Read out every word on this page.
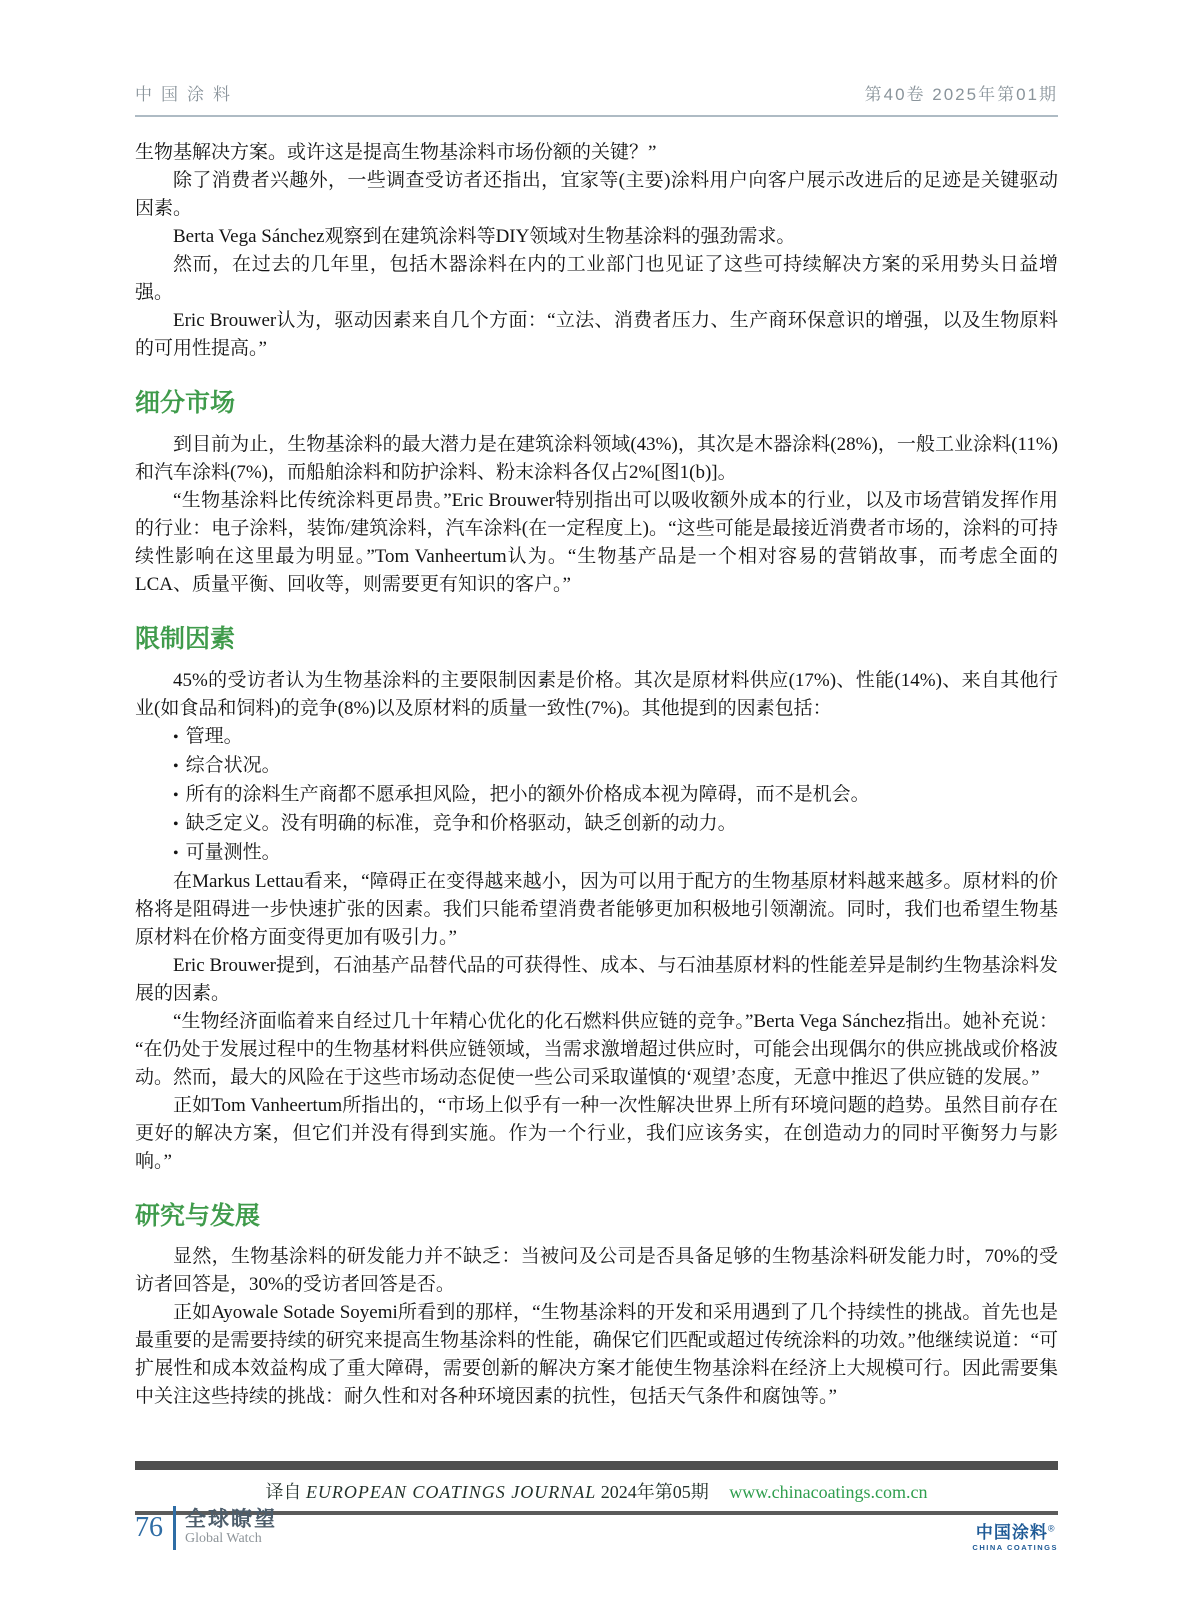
中国涂料	第40卷 2025年第01期

生物基解决方案。或许这是提高生物基涂料市场份额的关键？”

除了消费者兴趣外，一些调查受访者还指出，宜家等(主要)涂料用户向客户展示改进后的足迹是关键驱动因素。

Berta Vega Sánchez观察到在建筑涂料等DIY领域对生物基涂料的强劲需求。

然而，在过去的几年里，包括木器涂料在内的工业部门也见证了这些可持续解决方案的采用势头日益增强。

Eric Brouwer认为，驱动因素来自几个方面：“立法、消费者压力、生产商环保意识的增强，以及生物原料的可用性提高。”

细分市场

到目前为止，生物基涂料的最大潜力是在建筑涂料领域(43%)，其次是木器涂料(28%)，一般工业涂料(11%)和汽车涂料(7%)，而船舶涂料和防护涂料、粉末涂料各仅占2%[图1(b)]。

“生物基涂料比传统涂料更昂贵。”Eric Brouwer特别指出可以吸收额外成本的行业，以及市场营销发挥作用的行业：电子涂料，装饰/建筑涂料，汽车涂料(在一定程度上)。“这些可能是最接近消费者市场的，涂料的可持续性影响在这里最为明显。”Tom Vanheertum认为。“生物基产品是一个相对容易的营销故事，而考虑全面的LCA、质量平衡、回收等，则需要更有知识的客户。”

限制因素

45%的受访者认为生物基涂料的主要限制因素是价格。其次是原材料供应(17%)、性能(14%)、来自其他行业(如食品和饲料)的竞争(8%)以及原材料的质量一致性(7%)。其他提到的因素包括：

• 管理。
• 综合状况。
• 所有的涂料生产商都不愿承担风险，把小的额外价格成本视为障碍，而不是机会。
• 缺乏定义。没有明确的标准，竞争和价格驱动，缺乏创新的动力。
• 可量测性。

在Markus Lettau看来，“障碍正在变得越来越小，因为可以用于配方的生物基原材料越来越多。原材料的价格将是阻碍进一步快速扩张的因素。我们只能希望消费者能够更加积极地引领潮流。同时，我们也希望生物基原材料在价格方面变得更加有吸引力。”

Eric Brouwer提到，石油基产品替代品的可获得性、成本、与石油基原材料的性能差异是制约生物基涂料发展的因素。

“生物经济面临着来自经过几十年精心优化的化石燃料供应链的竞争。”Berta Vega Sánchez指出。她补充说：“在仍处于发展过程中的生物基材料供应链领域，当需求激增超过供应时，可能会出现偶尔的供应挑战或价格波动。然而，最大的风险在于这些市场动态促使一些公司采取谨慎的‘观望’态度，无意中推迟了供应链的发展。”

正如Tom Vanheertum所指出的，“市场上似乎有一种一次性解决世界上所有环境问题的趋势。虽然目前存在更好的解决方案，但它们并没有得到实施。作为一个行业，我们应该务实，在创造动力的同时平衡努力与影响。”

研究与发展

显然，生物基涂料的研发能力并不缺乏：当被问及公司是否具备足够的生物基涂料研发能力时，70%的受访者回答是，30%的受访者回答是否。

正如Ayowale Sotade Soyemi所看到的那样，“生物基涂料的开发和采用遇到了几个持续性的挑战。首先也是最重要的是需要持续的研究来提高生物基涂料的性能，确保它们匹配或超过传统涂料的功效。”他继续说道：“可扩展性和成本效益构成了重大障碍，需要创新的解决方案才能使生物基涂料在经济上大规模可行。因此需要集中关注这些持续的挑战：耐久性和对各种环境因素的抗性，包括天气条件和腐蚀等。”

译自 EUROPEAN COATINGS JOURNAL 2024年第05期 www.chinacoatings.com.cn
中国涂料®
CHINA COATINGS
76 全球瞭望
Global Watch
